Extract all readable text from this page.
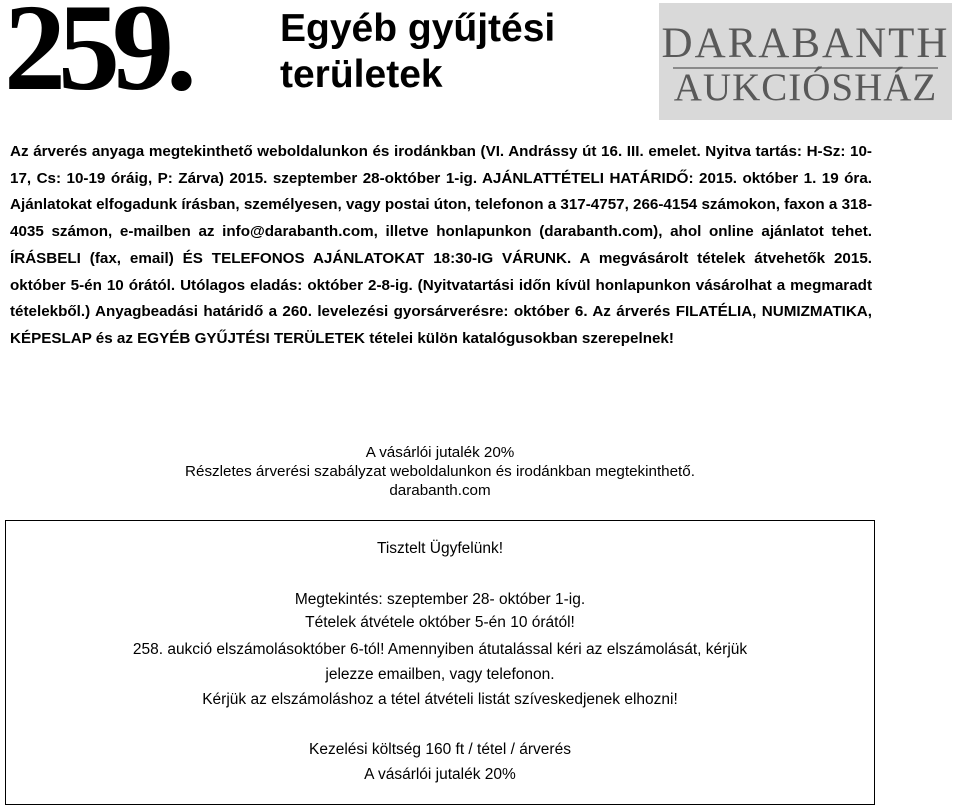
259. Egyéb gyűjtési
területek
DARABANTH
AUKCIÓSHÁZ
Az árverés anyaga megtekinthető weboldalunkon és irodánkban (VI. Andrássy út 16. III. emelet. Nyitva tartás: H-Sz: 10-17, Cs: 10-19 óráig, P: Zárva) 2015. szeptember 28-október 1-ig. AJÁNLATTÉTELI HATÁRIDŐ: 2015. október 1. 19 óra. Ajánlatokat elfogadunk írásban, személyesen, vagy postai úton, telefonon a 317-4757, 266-4154 számokon, faxon a 318-4035 számon, e-mailben az info@darabanth.com, illetve honlapunkon (darabanth.com), ahol online ajánlatot tehet. ÍRÁSBELI (fax, email) ÉS TELEFONOS AJÁNLATOKAT 18:30-IG VÁRUNK. A megvásárolt tételek átvehetők 2015. október 5-én 10 órától. Utólagos eladás: október 2-8-ig. (Nyitvatartási időn kívül honlapunkon vásárolhat a megmaradt tételekből.) Anyagbeadási határidő a 260. levelezési gyorsárverésre: október 6. Az árverés FILATÉLIA, NUMIZMATIKA, KÉPESLAP és az EGYÉB GYŰJTÉSI TERÜLETEK tételei külön katalógusokban szerepelnek!
A vásárlói jutalék 20%
Részletes árverési szabályzat weboldalunkon és irodánkban megtekinthető.
darabanth.com
Tisztelt Ügyfelünk!
Megtekintés: szeptember 28- október 1-ig.
Tételek átvétele október 5-én 10 órától!
258. aukció elszámolásoktóber 6-tól! Amennyiben átutalással kéri az elszámolását, kérjük
jelezze emailben, vagy telefonon.
Kérjük az elszámoláshoz a tétel átvételi listát szíveskedjenek elhozni!
Kezelési költség 160 ft / tétel / árverés
A vásárlói jutalék 20%
